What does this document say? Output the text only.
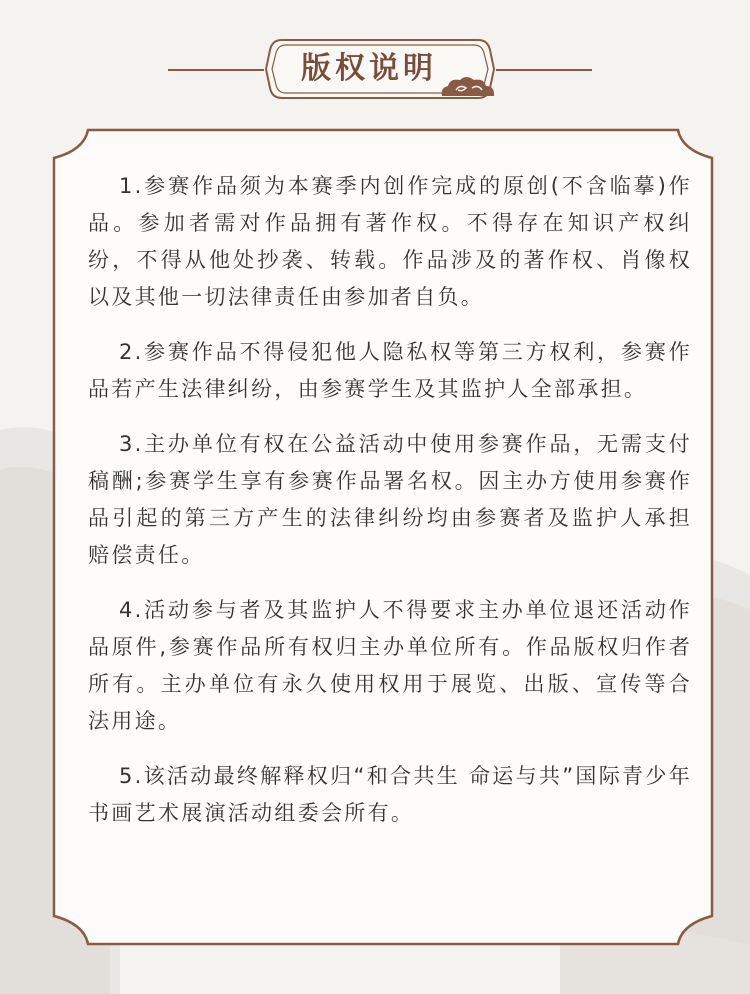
版权说明

1.参赛作品须为本赛季内创作完成的原创(不含临摹)作品。参加者需对作品拥有著作权。不得存在知识产权纠纷，不得从他处抄袭、转载。作品涉及的著作权、肖像权以及其他一切法律责任由参加者自负。

2.参赛作品不得侵犯他人隐私权等第三方权利，参赛作品若产生法律纠纷，由参赛学生及其监护人全部承担。

3.主办单位有权在公益活动中使用参赛作品，无需支付稿酬;参赛学生享有参赛作品署名权。因主办方使用参赛作品引起的第三方产生的法律纠纷均由参赛者及监护人承担赔偿责任。

4.活动参与者及其监护人不得要求主办单位退还活动作品原件,参赛作品所有权归主办单位所有。作品版权归作者所有。主办单位有永久使用权用于展览、出版、宣传等合法用途。

5.该活动最终解释权归“和合共生 命运与共”国际青少年书画艺术展演活动组委会所有。
